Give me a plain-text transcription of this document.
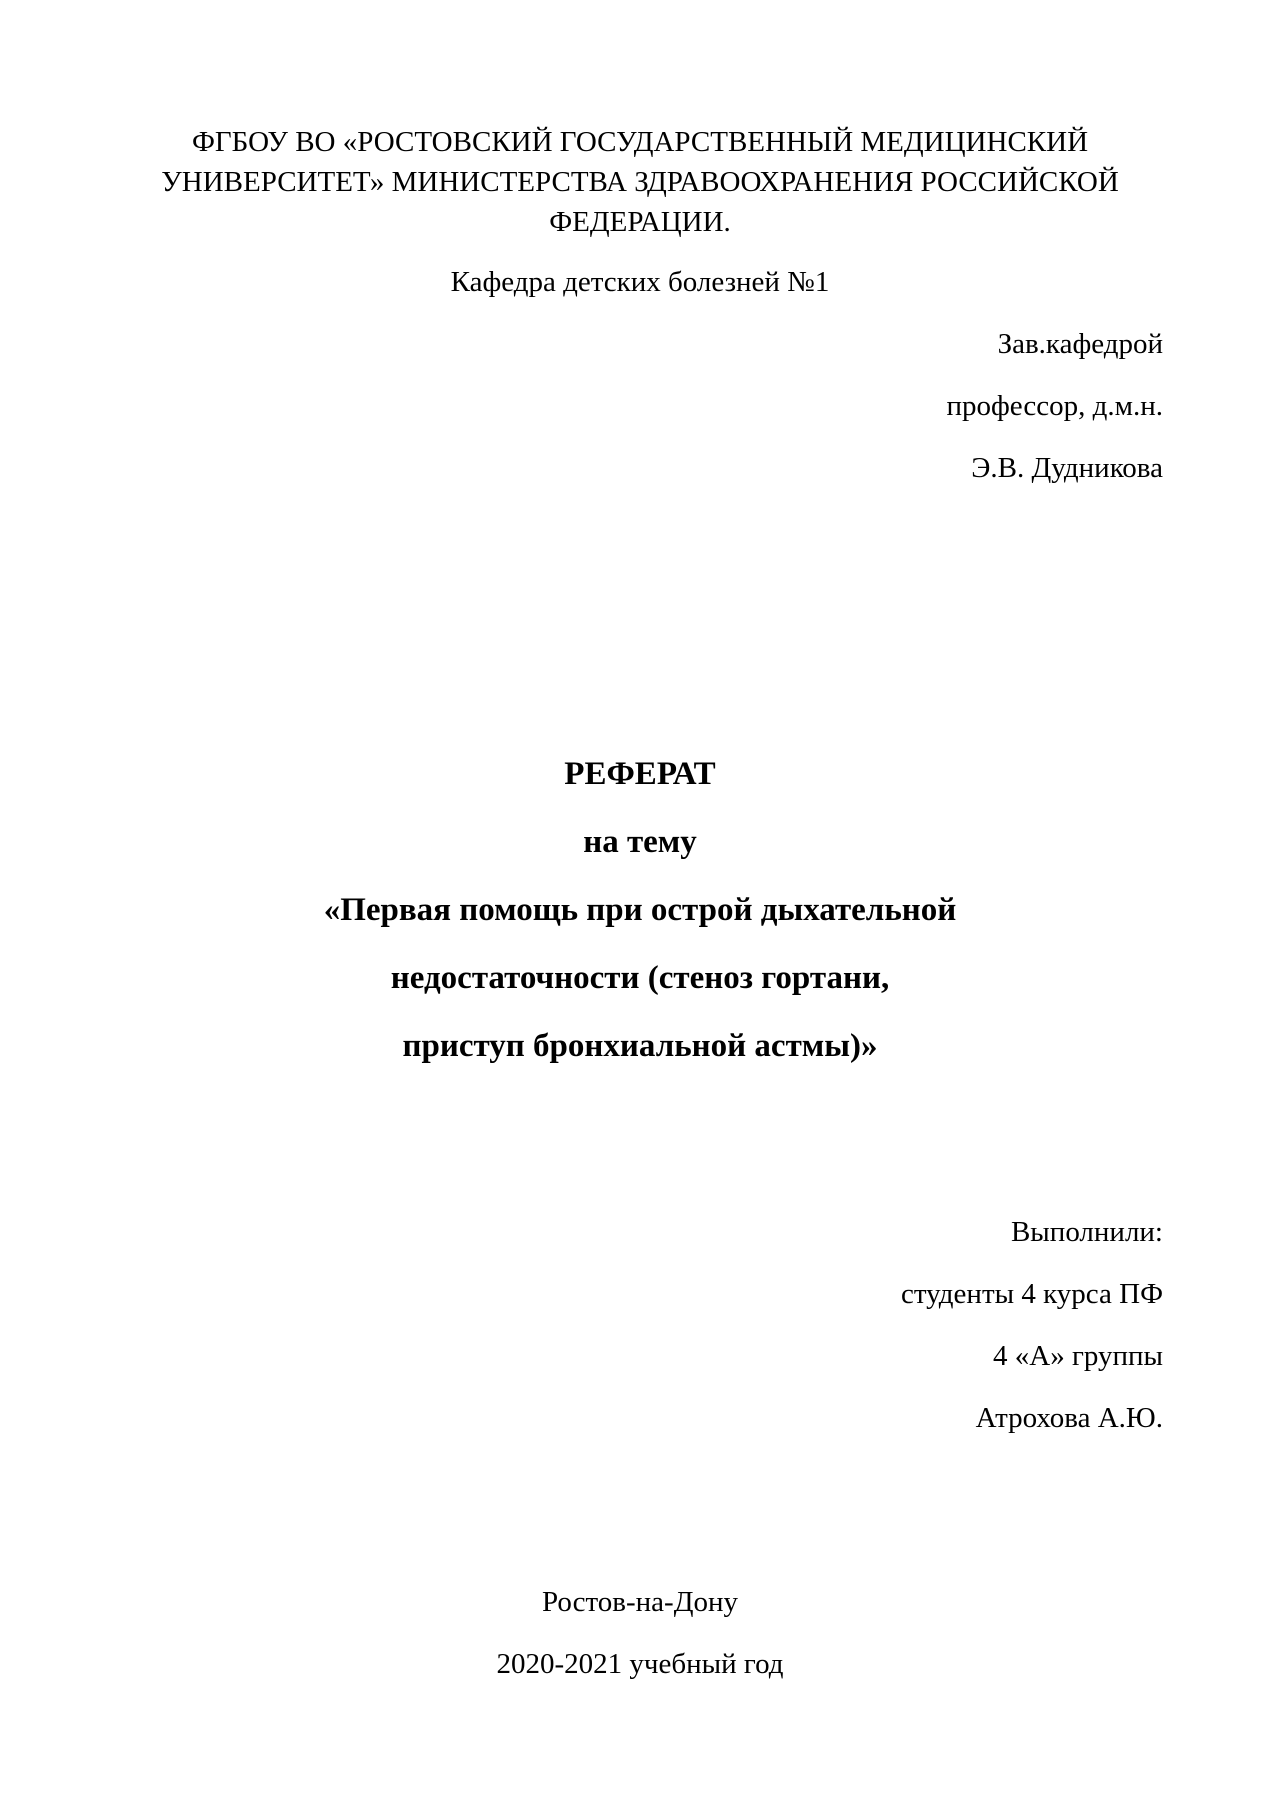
ФГБОУ ВО «РОСТОВСКИЙ ГОСУДАРСТВЕННЫЙ МЕДИЦИНСКИЙ

УНИВЕРСИТЕТ» МИНИСТЕРСТВА ЗДРАВООХРАНЕНИЯ РОССИЙСКОЙ

ФЕДЕРАЦИИ.

Кафедра детских болезней №1

Зав.кафедрой

профессор, д.м.н.

Э.В. Дудникова

РЕФЕРАТ

на тему

«Первая помощь при острой дыхательной

недостаточности (стеноз гортани,

приступ бронхиальной астмы)»

Выполнили:

студенты 4 курса ПФ

4 «А» группы

Атрохова А.Ю.

Ростов-на-Дону

2020-2021 учебный год
